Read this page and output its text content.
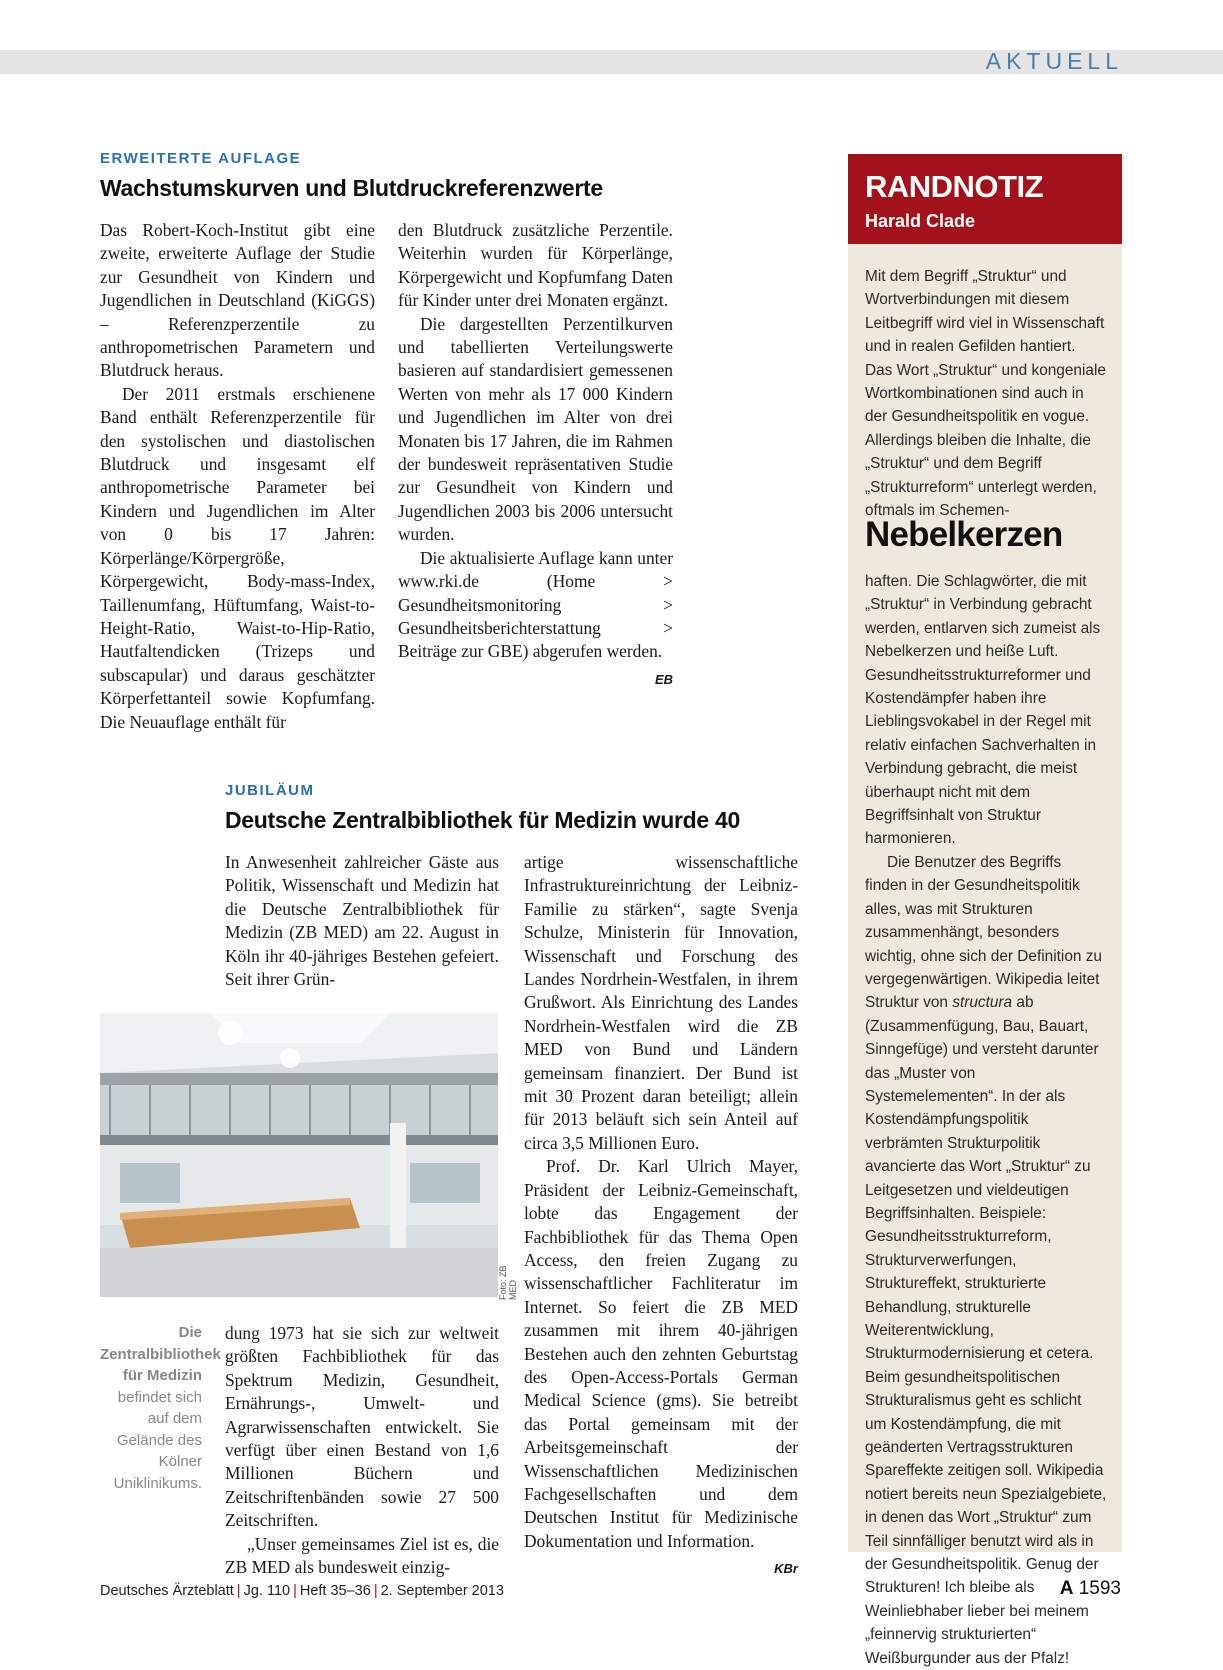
AKTUELL
ERWEITERTE AUFLAGE
Wachstumskurven und Blutdruckreferenzwerte

Das Robert-Koch-Institut gibt eine zweite, erweiterte Auflage der Studie zur Gesundheit von Kindern und Jugendlichen in Deutschland (KiGGS) – Referenzperzentile zu anthropometrischen Parametern und Blutdruck heraus.

Der 2011 erstmals erschienene Band enthält Referenzperzentile für den systolischen und diastolischen Blutdruck und insgesamt elf anthropometrische Parameter bei Kindern und Jugendlichen im Alter von 0 bis 17 Jahren: Körperlänge/Körpergröße, Körpergewicht, Body-mass-Index, Taillenumfang, Hüftumfang, Waist-to-Height-Ratio, Waist-to-Hip-Ratio, Hautfaltendicken (Trizeps und subscapular) und daraus geschätzter Körperfettanteil sowie Kopfumfang. Die Neuauflage enthält für

den Blutdruck zusätzliche Perzentile. Weiterhin wurden für Körperlänge, Körpergewicht und Kopfumfang Daten für Kinder unter drei Monaten ergänzt.

Die dargestellten Perzentilkurven und tabellierten Verteilungswerte basieren auf standardisiert gemessenen Werten von mehr als 17 000 Kindern und Jugendlichen im Alter von drei Monaten bis 17 Jahren, die im Rahmen der bundesweit repräsentativen Studie zur Gesundheit von Kindern und Jugendlichen 2003 bis 2006 untersucht wurden.

Die aktualisierte Auflage kann unter www.rki.de (Home > Gesundheitsmonitoring > Gesundheitsberichterstattung > Beiträge zur GBE) abgerufen werden.
EB

JUBILÄUM
Deutsche Zentralbibliothek für Medizin wurde 40

In Anwesenheit zahlreicher Gäste aus Politik, Wissenschaft und Medizin hat die Deutsche Zentralbibliothek für Medizin (ZB MED) am 22. August in Köln ihr 40-jähriges Bestehen gefeiert. Seit ihrer Grün-

Foto: ZB MED
Die Zentralbibliothek für Medizin befindet sich auf dem Gelände des Kölner Uniklinikums.

dung 1973 hat sie sich zur weltweit größten Fachbibliothek für das Spektrum Medizin, Gesundheit, Ernährungs-, Umwelt- und Agrarwissenschaften entwickelt. Sie verfügt über einen Bestand von 1,6 Millionen Büchern und Zeitschriftenbänden sowie 27 500 Zeitschriften.

„Unser gemeinsames Ziel ist es, die ZB MED als bundesweit einzig-

artige wissenschaftliche Infrastruktureinrichtung der Leibniz-Familie zu stärken“, sagte Svenja Schulze, Ministerin für Innovation, Wissenschaft und Forschung des Landes Nordrhein-Westfalen, in ihrem Grußwort. Als Einrichtung des Landes Nordrhein-Westfalen wird die ZB MED von Bund und Ländern gemeinsam finanziert. Der Bund ist mit 30 Prozent daran beteiligt; allein für 2013 beläuft sich sein Anteil auf circa 3,5 Millionen Euro.

Prof. Dr. Karl Ulrich Mayer, Präsident der Leibniz-Gemeinschaft, lobte das Engagement der Fachbibliothek für das Thema Open Access, den freien Zugang zu wissenschaftlicher Fachliteratur im Internet. So feiert die ZB MED zusammen mit ihrem 40-jährigen Bestehen auch den zehnten Geburtstag des Open-Access-Portals German Medical Science (gms). Sie betreibt das Portal gemeinsam mit der Arbeitsgemeinschaft der Wissenschaftlichen Medizinischen Fachgesellschaften und dem Deutschen Institut für Medizinische Dokumentation und Information.
KBr

RANDNOTIZ
Harald Clade

Mit dem Begriff „Struktur“ und Wortverbindungen mit diesem Leitbegriff wird viel in Wissenschaft und in realen Gefilden hantiert. Das Wort „Struktur“ und kongeniale Wortkombinationen sind auch in der Gesundheitspolitik en vogue. Allerdings bleiben die Inhalte, die „Struktur“ und dem Begriff „Strukturreform“ unterlegt werden, oftmals im Schemen-

Nebelkerzen

haften. Die Schlagwörter, die mit „Struktur“ in Verbindung gebracht werden, entlarven sich zumeist als Nebelkerzen und heiße Luft. Gesundheitsstrukturreformer und Kostendämpfer haben ihre Lieblingsvokabel in der Regel mit relativ einfachen Sachverhalten in Verbindung gebracht, die meist überhaupt nicht mit dem Begriffsinhalt von Struktur harmonieren.

Die Benutzer des Begriffs finden in der Gesundheitspolitik alles, was mit Strukturen zusammenhängt, besonders wichtig, ohne sich der Definition zu vergegenwärtigen. Wikipedia leitet Struktur von structura ab (Zusammenfügung, Bau, Bauart, Sinngefüge) und versteht darunter das „Muster von Systemelementen“. In der als Kostendämpfungspolitik verbrämten Strukturpolitik avancierte das Wort „Struktur“ zu Leitgesetzen und vieldeutigen Begriffsinhalten. Beispiele: Gesundheitsstrukturreform, Strukturverwerfungen, Struktureffekt, strukturierte Behandlung, strukturelle Weiterentwicklung, Strukturmodernisierung et cetera. Beim gesundheitspolitischen Strukturalismus geht es schlicht um Kostendämpfung, die mit geänderten Vertragsstrukturen Spareffekte zeitigen soll. Wikipedia notiert bereits neun Spezialgebiete, in denen das Wort „Struktur“ zum Teil sinnfälliger benutzt wird als in der Gesundheitspolitik. Genug der Strukturen! Ich bleibe als Weinliebhaber lieber bei meinem „feinnervig strukturierten“ Weißburgunder aus der Pfalz!

Deutsches Ärzteblatt | Jg. 110 | Heft 35–36 | 2. September 2013	A 1593
